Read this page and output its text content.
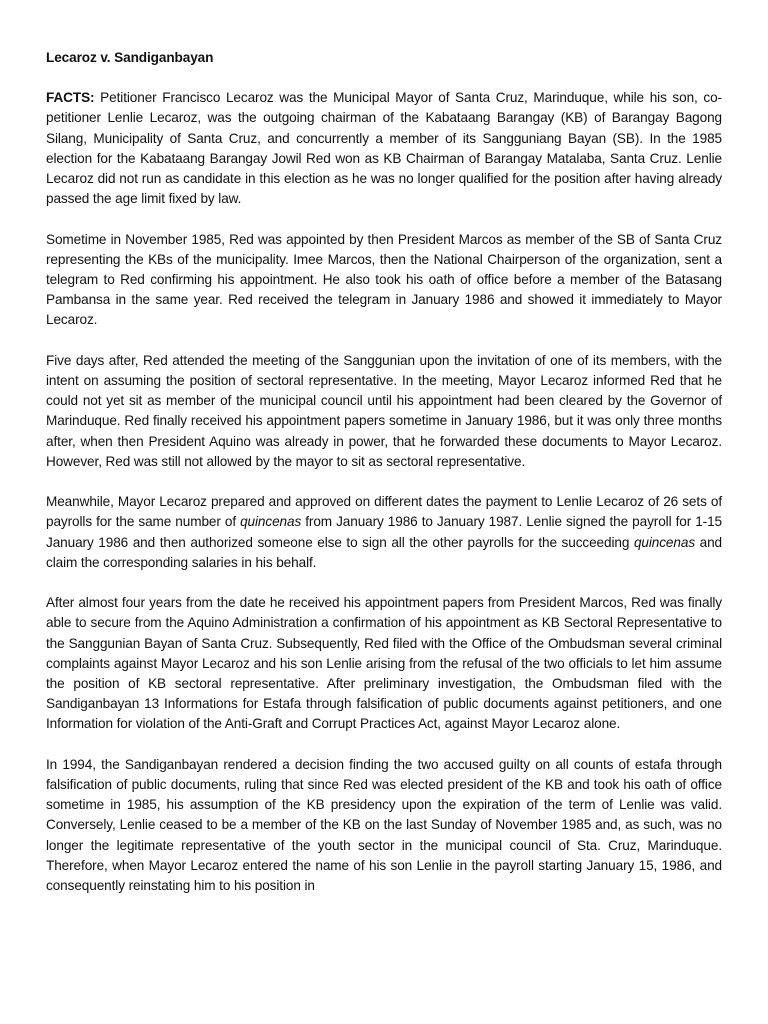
Lecaroz v. Sandiganbayan

FACTS: Petitioner Francisco Lecaroz was the Municipal Mayor of Santa Cruz, Marinduque, while his son, co-petitioner Lenlie Lecaroz, was the outgoing chairman of the Kabataang Barangay (KB) of Barangay Bagong Silang, Municipality of Santa Cruz, and concurrently a member of its Sangguniang Bayan (SB). In the 1985 election for the Kabataang Barangay Jowil Red won as KB Chairman of Barangay Matalaba, Santa Cruz. Lenlie Lecaroz did not run as candidate in this election as he was no longer qualified for the position after having already passed the age limit fixed by law.

Sometime in November 1985, Red was appointed by then President Marcos as member of the SB of Santa Cruz representing the KBs of the municipality. Imee Marcos, then the National Chairperson of the organization, sent a telegram to Red confirming his appointment. He also took his oath of office before a member of the Batasang Pambansa in the same year. Red received the telegram in January 1986 and showed it immediately to Mayor Lecaroz.

Five days after, Red attended the meeting of the Sanggunian upon the invitation of one of its members, with the intent on assuming the position of sectoral representative. In the meeting, Mayor Lecaroz informed Red that he could not yet sit as member of the municipal council until his appointment had been cleared by the Governor of Marinduque. Red finally received his appointment papers sometime in January 1986, but it was only three months after, when then President Aquino was already in power, that he forwarded these documents to Mayor Lecaroz. However, Red was still not allowed by the mayor to sit as sectoral representative.

Meanwhile, Mayor Lecaroz prepared and approved on different dates the payment to Lenlie Lecaroz of 26 sets of payrolls for the same number of quincenas from January 1986 to January 1987. Lenlie signed the payroll for 1-15 January 1986 and then authorized someone else to sign all the other payrolls for the succeeding quincenas and claim the corresponding salaries in his behalf.

After almost four years from the date he received his appointment papers from President Marcos, Red was finally able to secure from the Aquino Administration a confirmation of his appointment as KB Sectoral Representative to the Sanggunian Bayan of Santa Cruz. Subsequently, Red filed with the Office of the Ombudsman several criminal complaints against Mayor Lecaroz and his son Lenlie arising from the refusal of the two officials to let him assume the position of KB sectoral representative. After preliminary investigation, the Ombudsman filed with the Sandiganbayan 13 Informations for Estafa through falsification of public documents against petitioners, and one Information for violation of the Anti-Graft and Corrupt Practices Act, against Mayor Lecaroz alone.

In 1994, the Sandiganbayan rendered a decision finding the two accused guilty on all counts of estafa through falsification of public documents, ruling that since Red was elected president of the KB and took his oath of office sometime in 1985, his assumption of the KB presidency upon the expiration of the term of Lenlie was valid. Conversely, Lenlie ceased to be a member of the KB on the last Sunday of November 1985 and, as such, was no longer the legitimate representative of the youth sector in the municipal council of Sta. Cruz, Marinduque. Therefore, when Mayor Lecaroz entered the name of his son Lenlie in the payroll starting January 15, 1986, and consequently reinstating him to his position in
